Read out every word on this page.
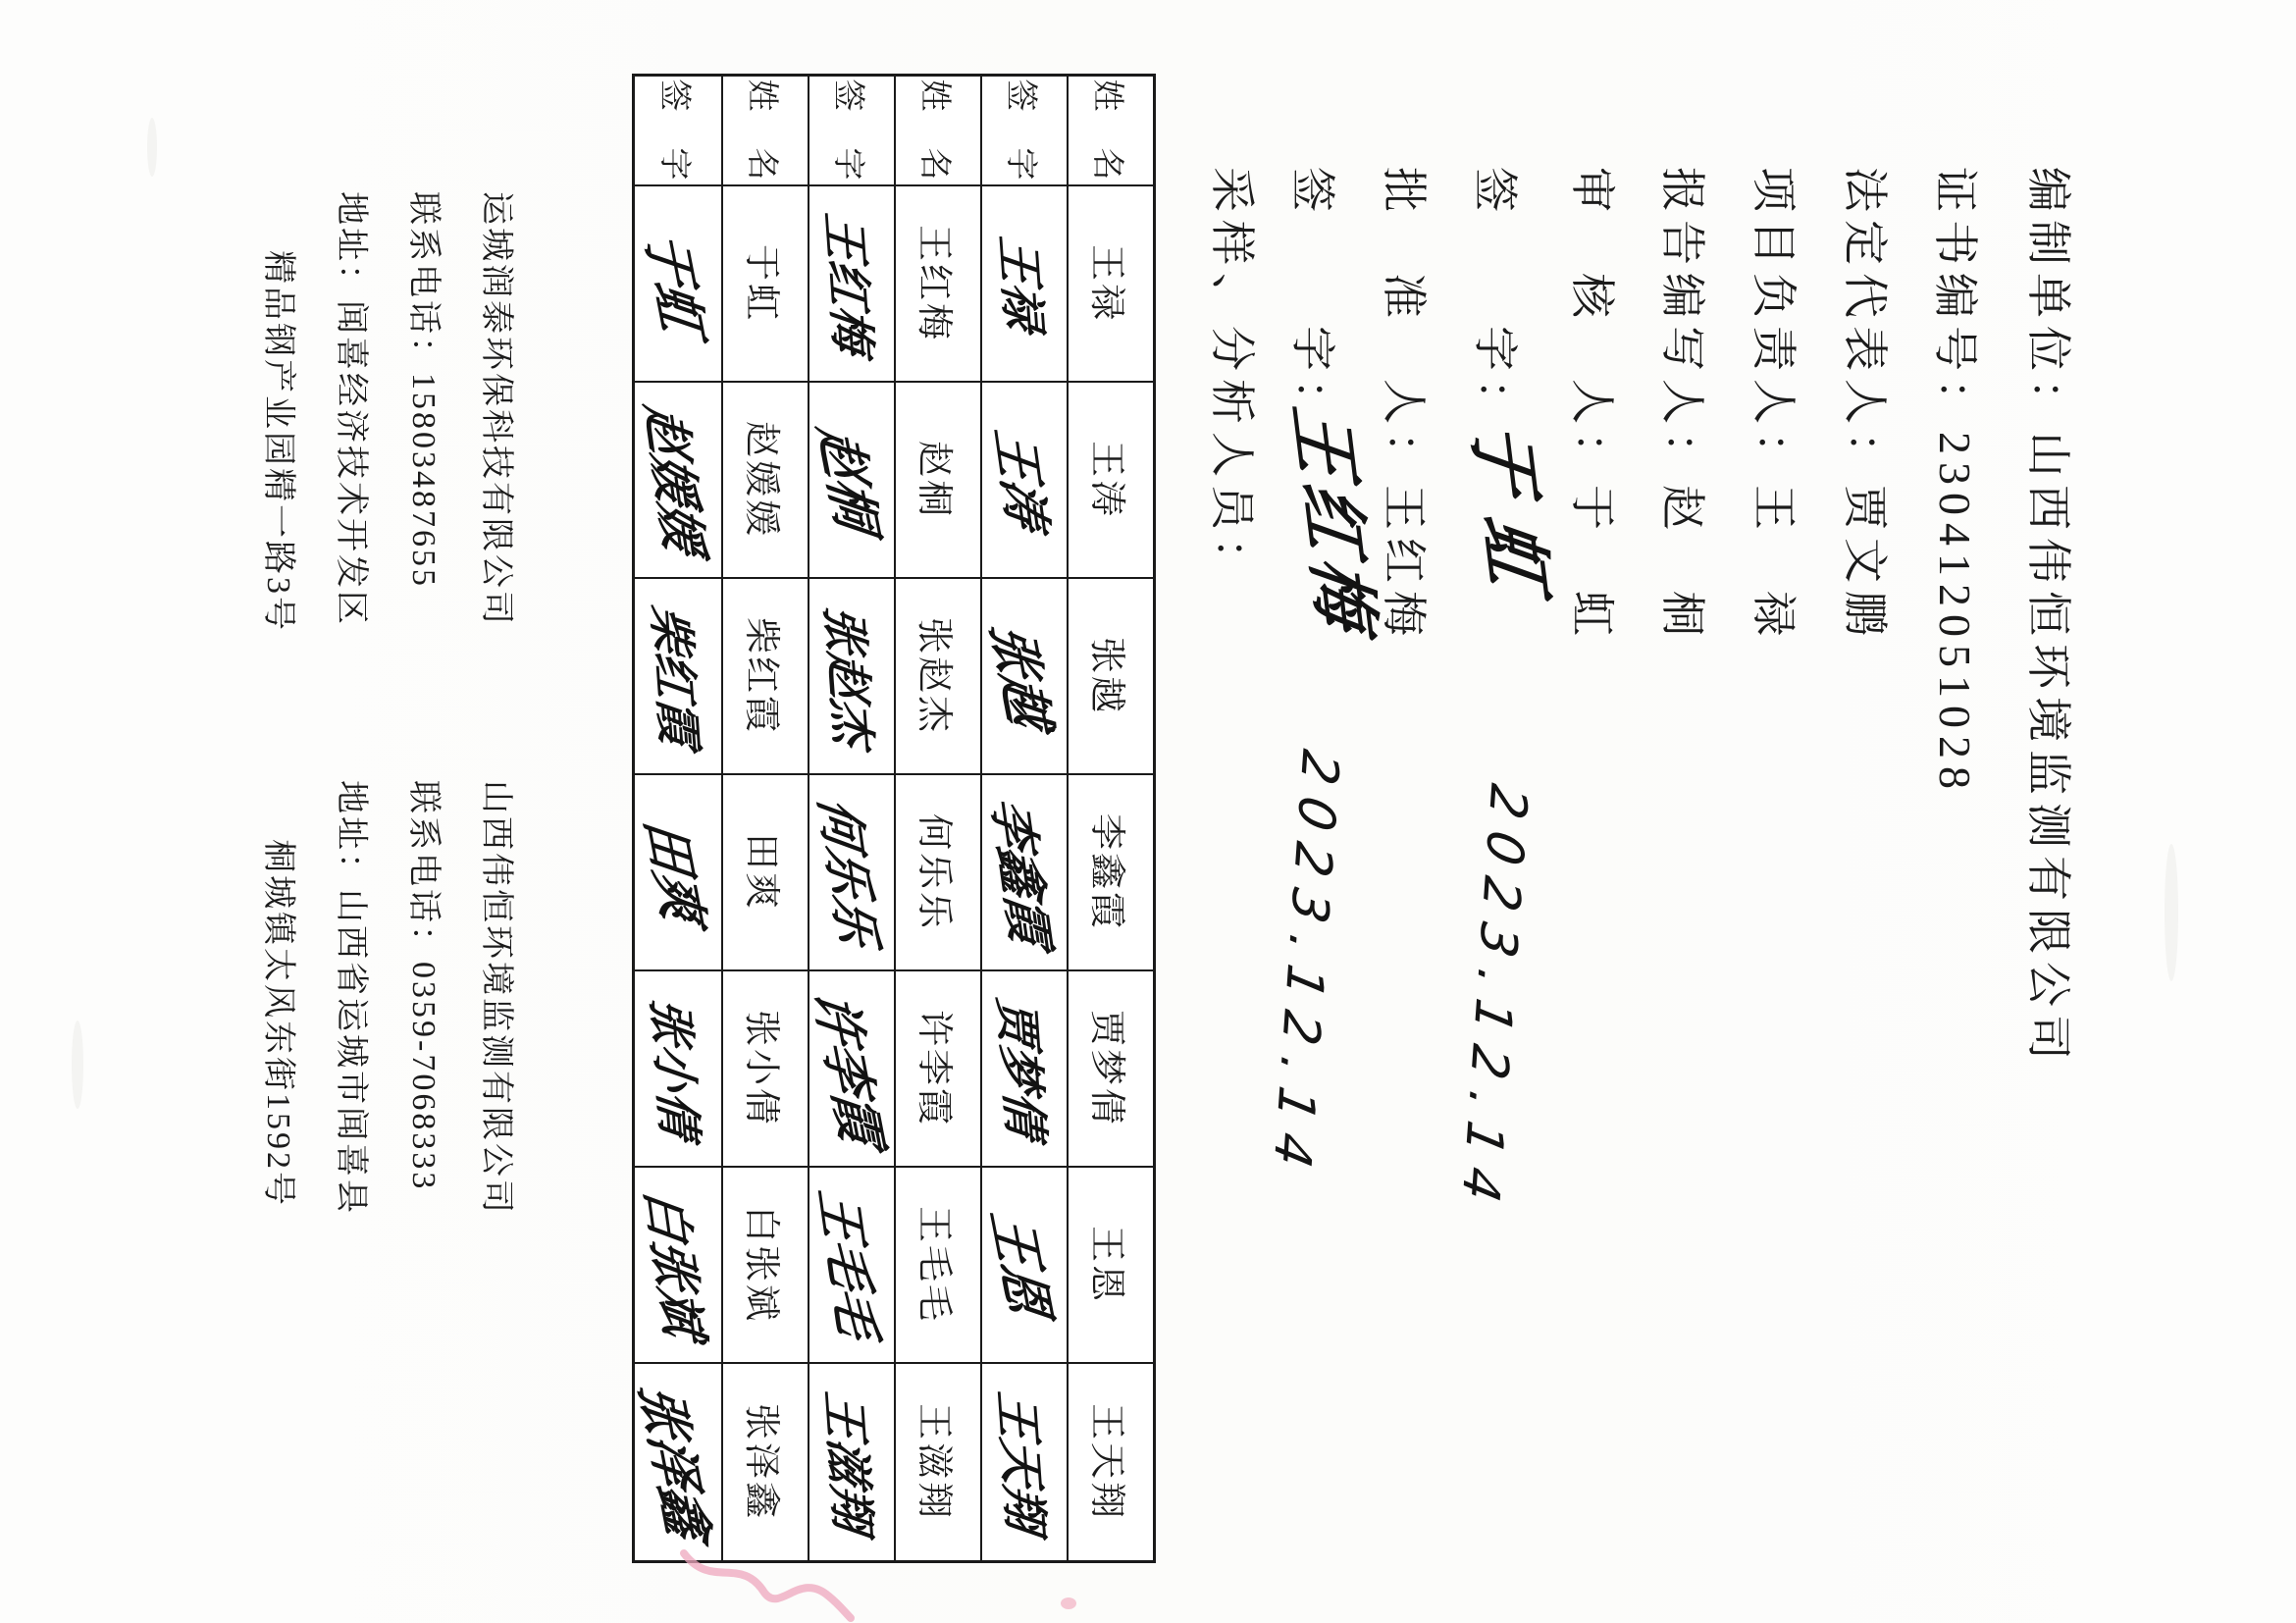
编制单位：山西伟恒环境监测有限公司
证书编号：230412051028
法定代表人：贾文鹏
项目负责人：王　禄
报告编写人：赵　桐
审　核　人：于　虹
签　　字：
于虹
2023.12.14
批　准　人：王红梅
签　　字：
王红梅
2023.12.14
采样、分析人员：
姓　名
王禄
王涛
张越
李鑫霞
贾梦倩
王恩
王天翔
签　字
王禄
王涛
张越
李鑫霞
贾梦倩
王恩
王天翔
姓　名
王红梅
赵桐
张赵杰
何乐乐
许李霞
王毛毛
王滋翔
签　字
王红梅
赵桐
张赵杰
何乐乐
许李霞
王毛毛
王滋翔
姓　名
于虹
赵媛媛
柴红霞
田爽
张小倩
白张斌
张泽鑫
签　字
于虹
赵媛媛
柴红霞
田爽
张小倩
白张斌
张泽鑫
运城润泰环保科技有限公司
联系电话：15803487655
地址：闻喜经济技术开发区
精品钢产业园精一路3号
山西伟恒环境监测有限公司
联系电话：0359-7068333
地址：山西省运城市闻喜县
桐城镇太风东街1592号
